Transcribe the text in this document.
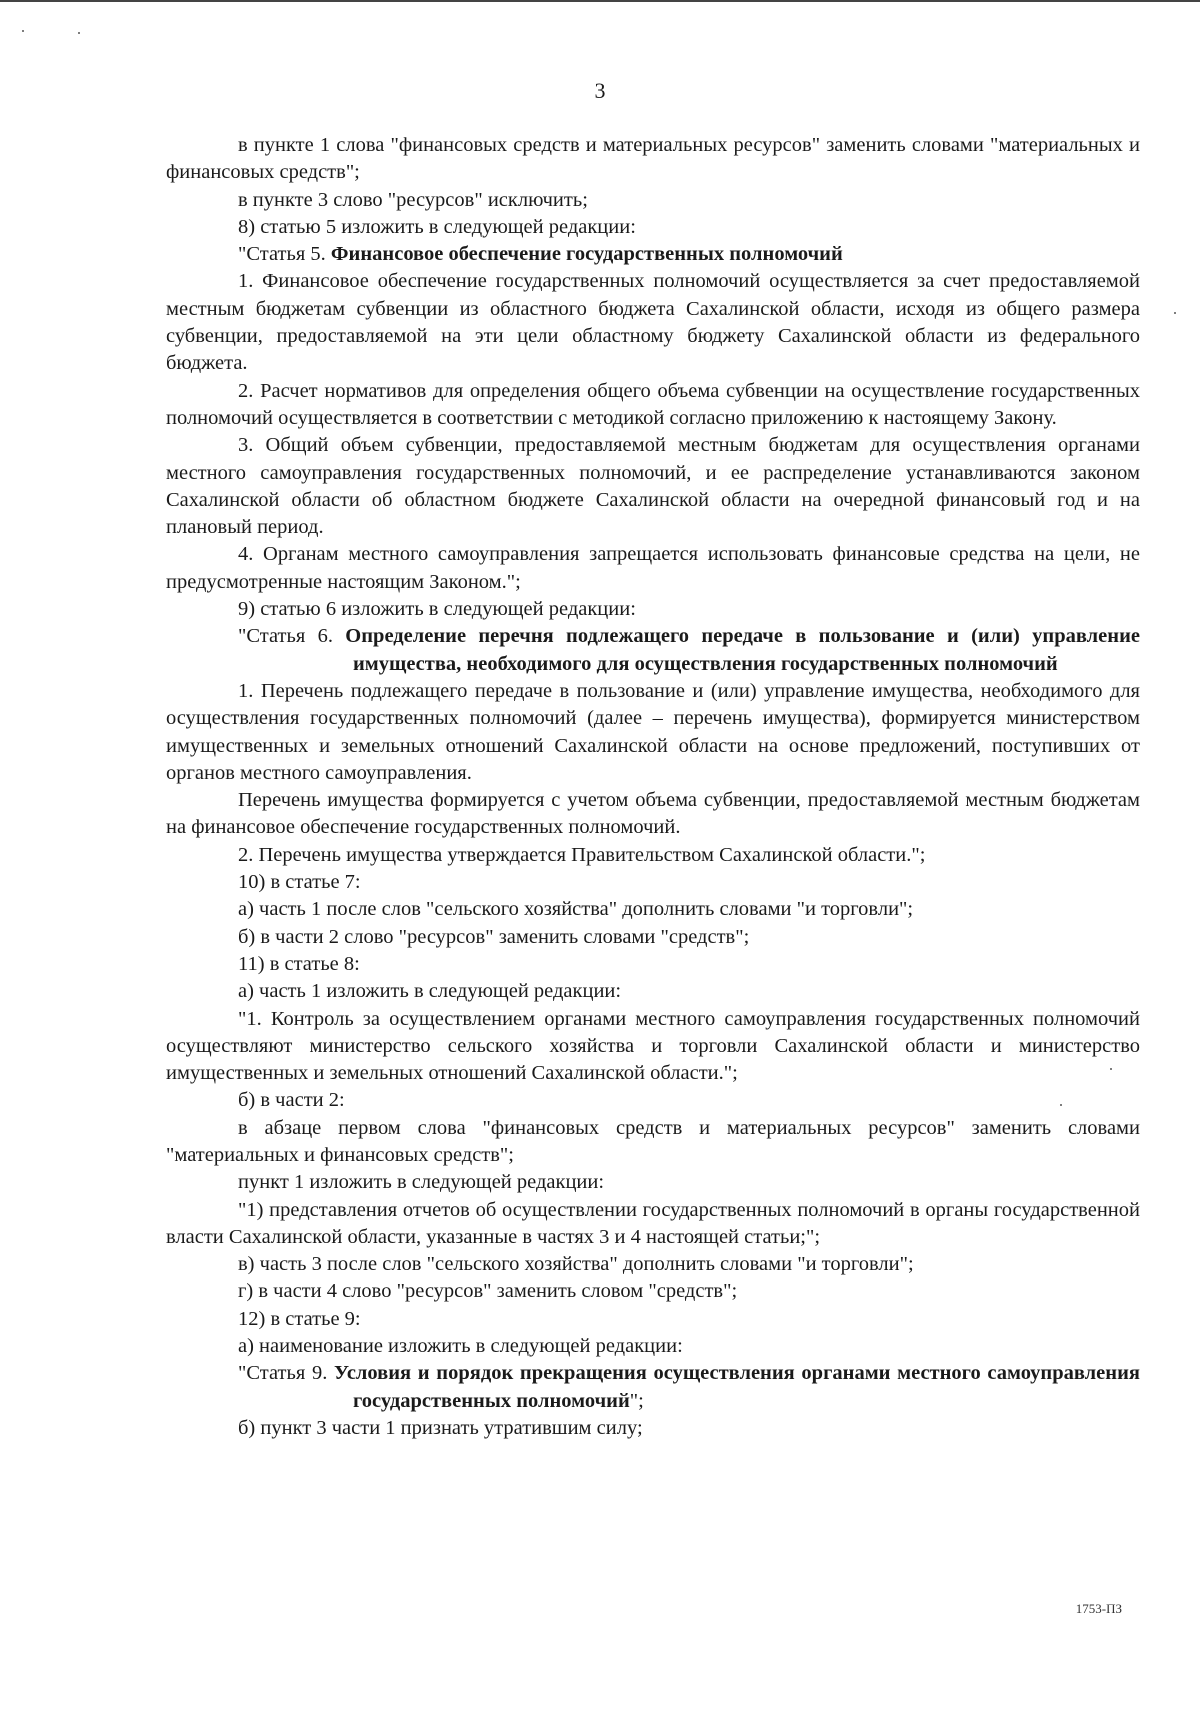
3

в пункте 1 слова "финансовых средств и материальных ресурсов" заменить словами "материальных и финансовых средств";

в пункте 3 слово "ресурсов" исключить;

8) статью 5 изложить в следующей редакции:

"Статья 5. Финансовое обеспечение государственных полномочий

1. Финансовое обеспечение государственных полномочий осуществляется за счет предоставляемой местным бюджетам субвенции из областного бюджета Сахалинской области, исходя из общего размера субвенции, предоставляемой на эти цели областному бюджету Сахалинской области из федерального бюджета.

2. Расчет нормативов для определения общего объема субвенции на осуществление государственных полномочий осуществляется в соответствии с методикой согласно приложению к настоящему Закону.

3. Общий объем субвенции, предоставляемой местным бюджетам для осуществления органами местного самоуправления государственных полномочий, и ее распределение устанавливаются законом Сахалинской области об областном бюджете Сахалинской области на очередной финансовый год и на плановый период.

4. Органам местного самоуправления запрещается использовать финансовые средства на цели, не предусмотренные настоящим Законом.";

9) статью 6 изложить в следующей редакции:

"Статья 6. Определение перечня подлежащего передаче в пользование и (или) управление имущества, необходимого для осуществления государственных полномочий

1. Перечень подлежащего передаче в пользование и (или) управление имущества, необходимого для осуществления государственных полномочий (далее – перечень имущества), формируется министерством имущественных и земельных отношений Сахалинской области на основе предложений, поступивших от органов местного самоуправления.

Перечень имущества формируется с учетом объема субвенции, предоставляемой местным бюджетам на финансовое обеспечение государственных полномочий.

2. Перечень имущества утверждается Правительством Сахалинской области.";

10) в статье 7:

а) часть 1 после слов "сельского хозяйства" дополнить словами "и торговли";

б) в части 2 слово "ресурсов" заменить словами "средств";

11) в статье 8:

а) часть 1 изложить в следующей редакции:

"1. Контроль за осуществлением органами местного самоуправления государственных полномочий осуществляют министерство сельского хозяйства и торговли Сахалинской области и министерство имущественных и земельных отношений Сахалинской области.";

б) в части 2:

в абзаце первом слова "финансовых средств и материальных ресурсов" заменить словами "материальных и финансовых средств";

пункт 1 изложить в следующей редакции:

"1) представления отчетов об осуществлении государственных полномочий в органы государственной власти Сахалинской области, указанные в частях 3 и 4 настоящей статьи;";

в) часть 3 после слов "сельского хозяйства" дополнить словами "и торговли";

г) в части 4 слово "ресурсов" заменить словом "средств";

12) в статье 9:

а) наименование изложить в следующей редакции:

"Статья 9. Условия и порядок прекращения осуществления органами местного самоуправления государственных полномочий";

б) пункт 3 части 1 признать утратившим силу;

1753-ПЗ
